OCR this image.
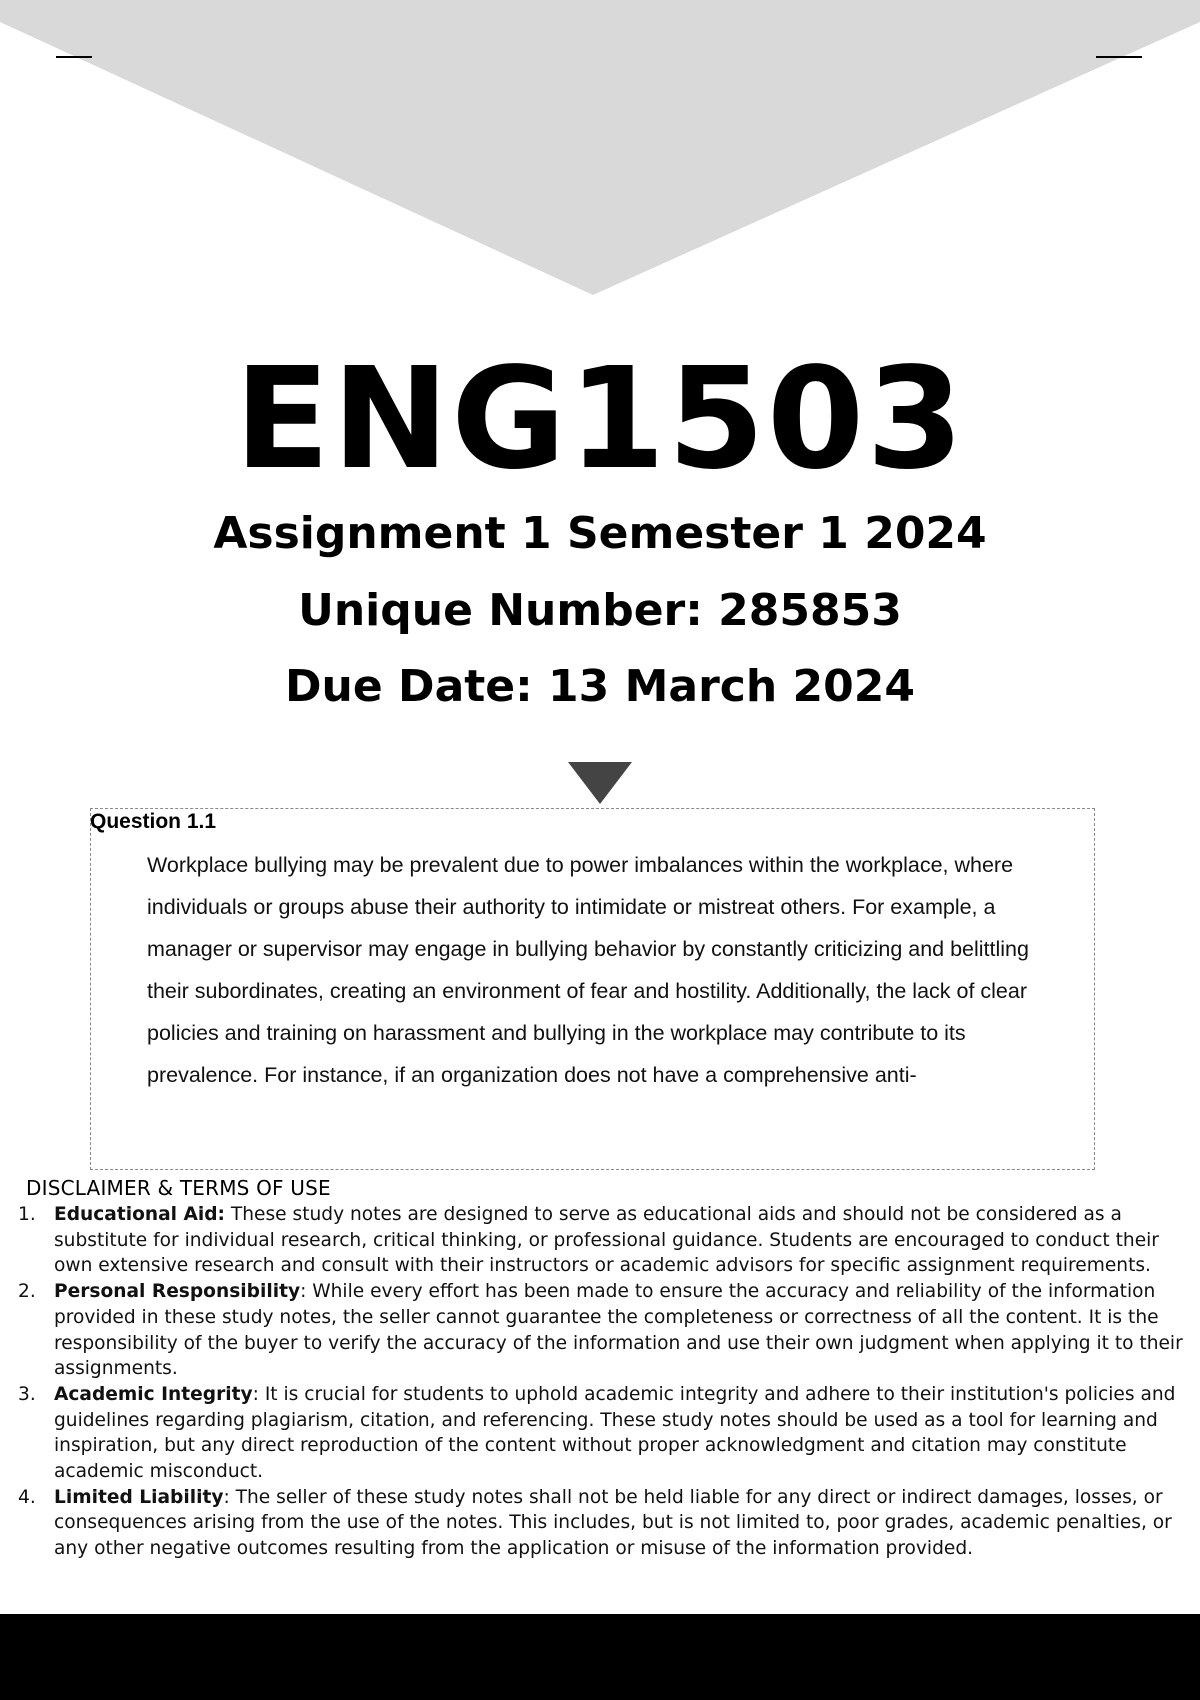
ENG1503
Assignment 1 Semester 1 2024
Unique Number: 285853
Due Date: 13 March 2024
Question 1.1
Workplace bullying may be prevalent due to power imbalances within the workplace, where individuals or groups abuse their authority to intimidate or mistreat others. For example, a manager or supervisor may engage in bullying behavior by constantly criticizing and belittling their subordinates, creating an environment of fear and hostility. Additionally, the lack of clear policies and training on harassment and bullying in the workplace may contribute to its prevalence. For instance, if an organization does not have a comprehensive anti-
DISCLAIMER & TERMS OF USE
1. Educational Aid: These study notes are designed to serve as educational aids and should not be considered as a substitute for individual research, critical thinking, or professional guidance. Students are encouraged to conduct their own extensive research and consult with their instructors or academic advisors for specific assignment requirements.
2. Personal Responsibility: While every effort has been made to ensure the accuracy and reliability of the information provided in these study notes, the seller cannot guarantee the completeness or correctness of all the content. It is the responsibility of the buyer to verify the accuracy of the information and use their own judgment when applying it to their assignments.
3. Academic Integrity: It is crucial for students to uphold academic integrity and adhere to their institution's policies and guidelines regarding plagiarism, citation, and referencing. These study notes should be used as a tool for learning and inspiration, but any direct reproduction of the content without proper acknowledgment and citation may constitute academic misconduct.
4. Limited Liability: The seller of these study notes shall not be held liable for any direct or indirect damages, losses, or consequences arising from the use of the notes. This includes, but is not limited to, poor grades, academic penalties, or any other negative outcomes resulting from the application or misuse of the information provided.
